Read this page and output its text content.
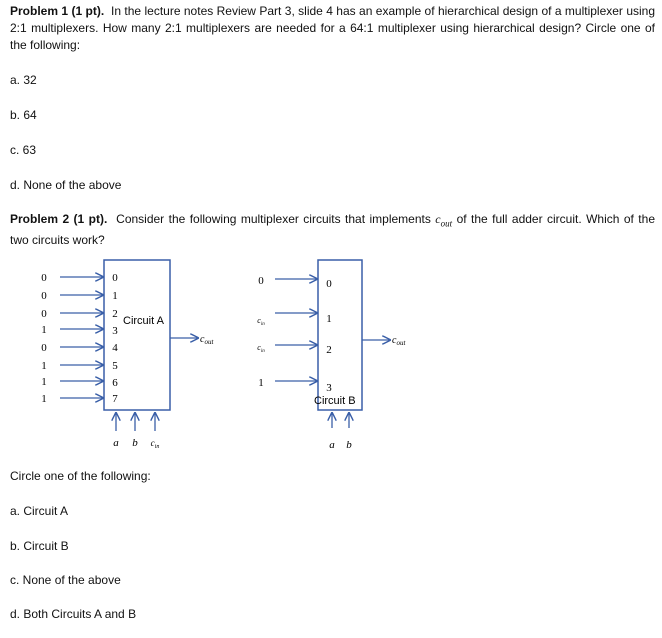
Problem 1 (1 pt). In the lecture notes Review Part 3, slide 4 has an example of hierarchical design of a multiplexer using 2:1 multiplexers. How many 2:1 multiplexers are needed for a 64:1 multiplexer using hierarchical design? Circle one of the following:

a. 32

b. 64

c. 63

d. None of the above

Problem 2 (1 pt). Consider the following multiplexer circuits that implements $c_{out}$ of the full adder circuit. Which of the two circuits work?

0	0
0	1
0	2
1	3
0	4
1	5
1	6
1	7
Circuit A
$c_{out}$
a b $c_{in}$
0	0
$c_{in}$	1
$c_{in}$	2
1	3
Circuit B
$c_{out}$
a b

Circle one of the following:

a. Circuit A

b. Circuit B

c. None of the above

d. Both Circuits A and B
